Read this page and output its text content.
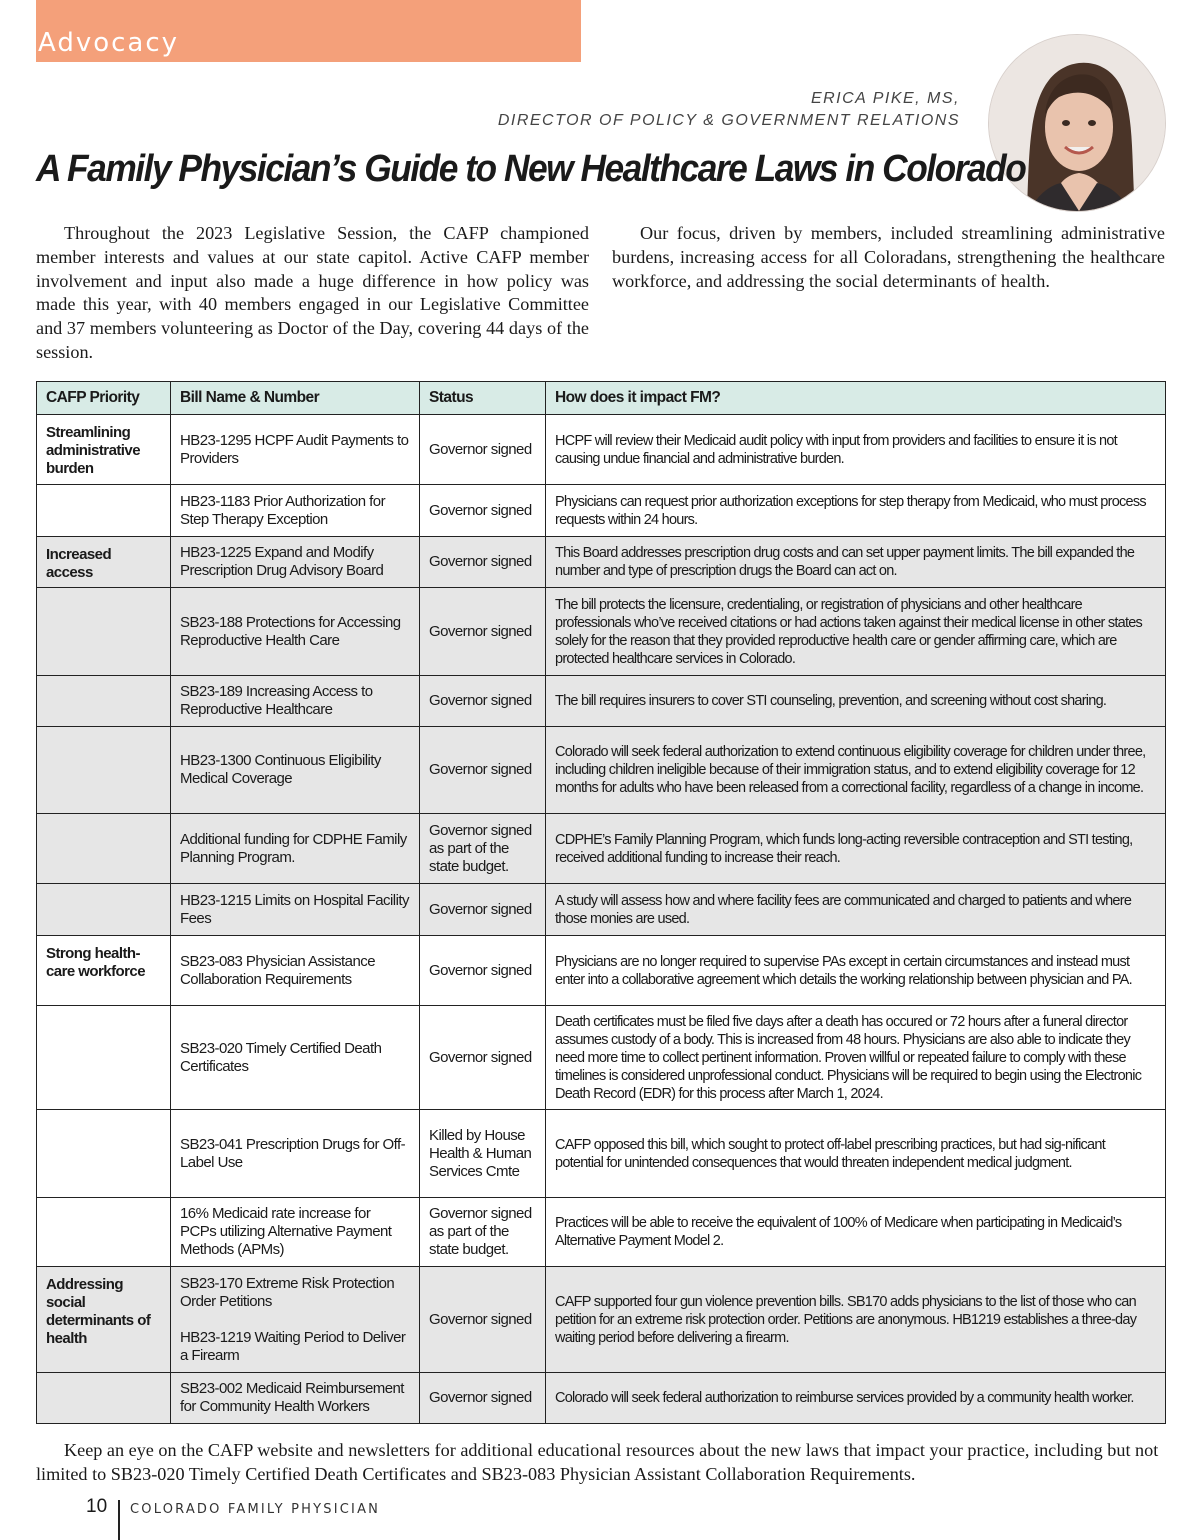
Advocacy
ERICA PIKE, MS,
DIRECTOR OF POLICY & GOVERNMENT RELATIONS
A Family Physician’s Guide to New Healthcare Laws in Colorado

Throughout the 2023 Legislative Session, the CAFP championed member interests and values at our state capitol. Active CAFP member involvement and input also made a huge difference in how policy was made this year, with 40 members engaged in our Legislative Committee and 37 members volunteering as Doctor of the Day, covering 44 days of the session.

Our focus, driven by members, included streamlining administrative burdens, increasing access for all Coloradans, strengthening the healthcare workforce, and addressing the social determinants of health.

CAFP Priority	Bill Name & Number	Status	How does it impact FM?
Streamlining administrative burden	HB23-1295 HCPF Audit Payments to Providers	Governor signed	HCPF will review their Medicaid audit policy with input from providers and facilities to ensure it is not causing undue financial and administrative burden.
	HB23-1183 Prior Authorization for Step Therapy Exception	Governor signed	Physicians can request prior authorization exceptions for step therapy from Medicaid, who must process requests within 24 hours.
Increased access	HB23-1225 Expand and Modify Prescription Drug Advisory Board	Governor signed	This Board addresses prescription drug costs and can set upper payment limits. The bill expanded the number and type of prescription drugs the Board can act on.
	SB23-188 Protections for Accessing Reproductive Health Care	Governor signed	The bill protects the licensure, credentialing, or registration of physicians and other healthcare professionals who’ve received citations or had actions taken against their medical license in other states solely for the reason that they provided reproductive health care or gender affirming care, which are protected healthcare services in Colorado.
	SB23-189 Increasing Access to Reproductive Healthcare	Governor signed	The bill requires insurers to cover STI counseling, prevention, and screening without cost sharing.
	HB23-1300 Continuous Eligibility Medical Coverage	Governor signed	Colorado will seek federal authorization to extend continuous eligibility coverage for children under three, including children ineligible because of their immigration status, and to extend eligibility coverage for 12 months for adults who have been released from a correctional facility, regardless of a change in income.
	Additional funding for CDPHE Family Planning Program.	Governor signed as part of the state budget.	CDPHE’s Family Planning Program, which funds long-acting reversible contraception and STI testing, received additional funding to increase their reach.
	HB23-1215 Limits on Hospital Facility Fees	Governor signed	A study will assess how and where facility fees are communicated and charged to patients and where those monies are used.
Strong health-care workforce	SB23-083 Physician Assistance Collaboration Requirements	Governor signed	Physicians are no longer required to supervise PAs except in certain circumstances and instead must enter into a collaborative agreement which details the working relationship between physician and PA.
	SB23-020 Timely Certified Death Certificates	Governor signed	Death certificates must be filed five days after a death has occured or 72 hours after a funeral director assumes custody of a body. This is increased from 48 hours. Physicians are also able to indicate they need more time to collect pertinent information. Proven willful or repeated failure to comply with these timelines is considered unprofessional conduct. Physicians will be required to begin using the Electronic Death Record (EDR) for this process after March 1, 2024.
	SB23-041 Prescription Drugs for Off-Label Use	Killed by House Health & Human Services Cmte	CAFP opposed this bill, which sought to protect off-label prescribing practices, but had sig-nificant potential for unintended consequences that would threaten independent medical judgment.
	16% Medicaid rate increase for PCPs utilizing Alternative Payment Methods (APMs)	Governor signed as part of the state budget.	Practices will be able to receive the equivalent of 100% of Medicare when participating in Medicaid’s Alternative Payment Model 2.
Addressing social determinants of health	SB23-170 Extreme Risk Protection Order Petitions
HB23-1219 Waiting Period to Deliver a Firearm	Governor signed	CAFP supported four gun violence prevention bills. SB170 adds physicians to the list of those who can petition for an extreme risk protection order. Petitions are anonymous. HB1219 establishes a three-day waiting period before delivering a firearm.
	SB23-002 Medicaid Reimbursement for Community Health Workers	Governor signed	Colorado will seek federal authorization to reimburse services provided by a community health worker.

Keep an eye on the CAFP website and newsletters for additional educational resources about the new laws that impact your practice, including but not limited to SB23-020 Timely Certified Death Certificates and SB23-083 Physician Assistant Collaboration Requirements.

10 COLORADO FAMILY PHYSICIAN
